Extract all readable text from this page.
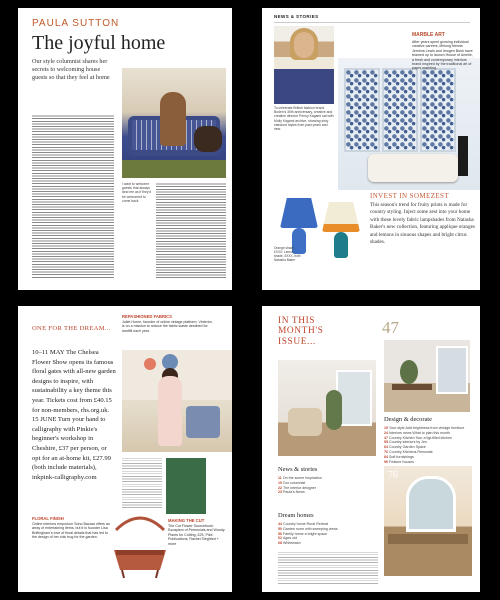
PAULA SUTTON
The joyful home
Our style columnist shares her secrets to welcoming house guests so that they feel at home
I want to welcome guests that always land me as if they'd be welcomed to come back
NEWS & STORIES
To celebrate British fashion brand Boden's 30th anniversary, creative and creative director Penny Kagami sat with Molly Kagami archive, showing sixty standout styles from past years and new.
MARBLE ART
After years spent growing individual creative careers, lifelong friends Jemima Lewis and Imogen Bush have teamed up to launch House of Amelie, a fresh and contemporary interiors brand inspired by the traditional art of paper marbling.
Orange shade, £XXX; Lemon shade, £XXX, both Natasha Baker
INVEST IN SOMEZEST
This season's trend for fruity prints is made for country styling. Inject some zest into your home with these lovely fabric lampshades from Natasha Baker's new collection, featuring applique oranges and lemons in sinuous shapes and bright citrus shades.
ONE FOR THE DREAM...
10–11 MAY The Chelsea Flower Show opens its famous floral gates with all-new garden designs to inspire, with sustainability a key theme this year. Tickets cost from £40.15 for non-members, rhs.org.uk. 15 JUNE Turn your hand to calligraphy with Pinkie's beginner's workshop in Cheshire, £37 per person, or opt for an at-home kit, £27.99 (both include materials), inkpink-calligraphy.com
REPASHIONED FABRICS
Juliet Horne, founder of online vintage platform, Vinterior, is on a mission to reduce the fabric waste destined for landfill each year.
FLORAL FINISH
Online interiors emporium Soho Bazaar offers an array of entertaining items, but it is founder Lisa Brittingham's love of floral details that has led to the design of her chic trug for the garden.
MAKING THE CUT
The Cut Flower Sourcebook: Escapism of Perennials and Woody Plants for Cutting, £25, Pilot Publications, Rachel Siegfried + more
IN THIS MONTH'S ISSUE...
47
Design & decorate
19Your style Add brightness from vintage furniture
24Interiors news What to plan this month
47Country Kitchen Tour a ligt-filled kitchen
55Country interiors by Jen
64Country Garden Space
76Country Kitchens Renovate
84Soft furnishings
96Feature houses
News & stories
11On the scene Inspiration
19Our columnist
22The interior designer
23Paula's News
Dream homes
44Country home Rural Retreat
50Garden room with sweeping views
56Family home a bright space
62Ages old
68Whitewash
76
